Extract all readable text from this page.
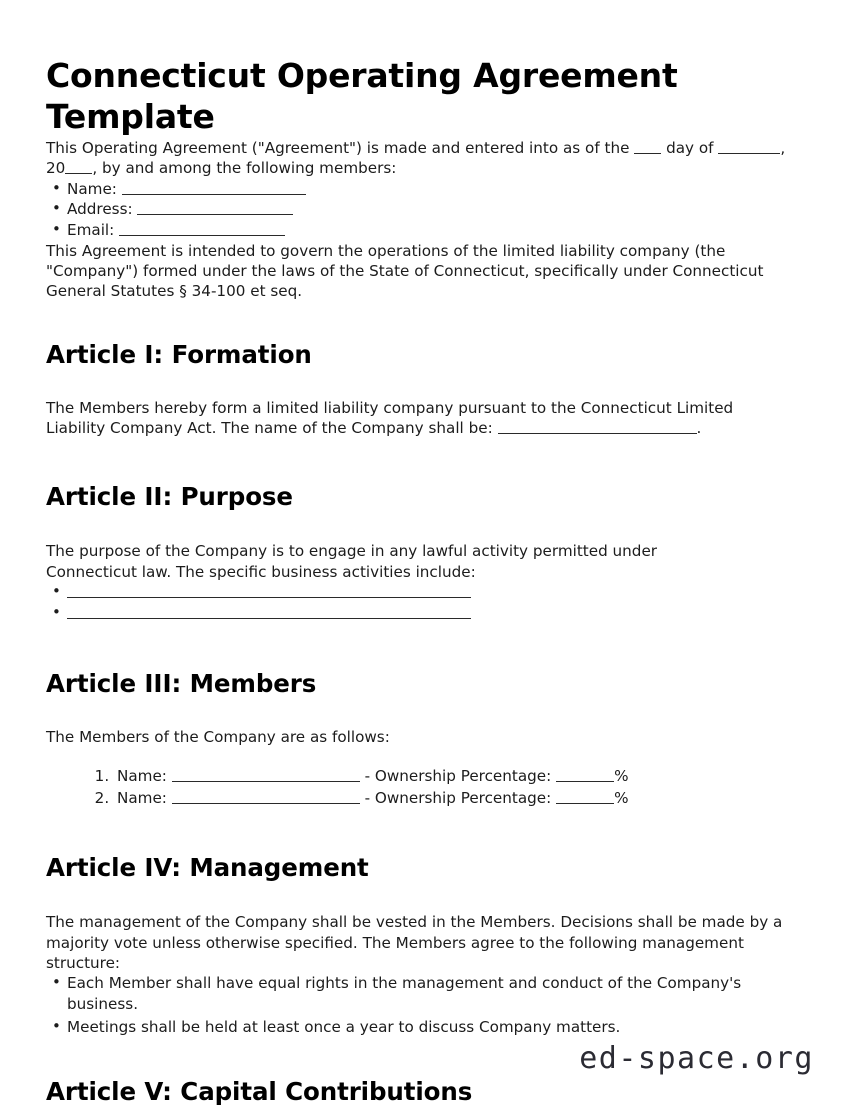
Connecticut Operating Agreement Template

This Operating Agreement ("Agreement") is made and entered into as of the  day of	, 20 , by and among the following members:

• Name:
• Address:
• Email:

This Agreement is intended to govern the operations of the limited liability company (the "Company") formed under the laws of the State of Connecticut, specifically under Connecticut General Statutes § 34-100 et seq.

Article I: Formation

The Members hereby form a limited liability company pursuant to the Connecticut Limited Liability Company Act. The name of the Company shall be:	.

Article II: Purpose

The purpose of the Company is to engage in any lawful activity permitted under Connecticut law. The specific business activities include:

•
•
Article III: Members

The Members of the Company are as follows:

1. Name:	- Ownership Percentage:	%
2. Name:	- Ownership Percentage:	%
Article IV: Management

The management of the Company shall be vested in the Members. Decisions shall be made by a majority vote unless otherwise specified. The Members agree to the following management structure:

• Each Member shall have equal rights in the management and conduct of the Company's business.
• Meetings shall be held at least once a year to discuss Company matters.
Article V: Capital Contributions
ed-space.org
